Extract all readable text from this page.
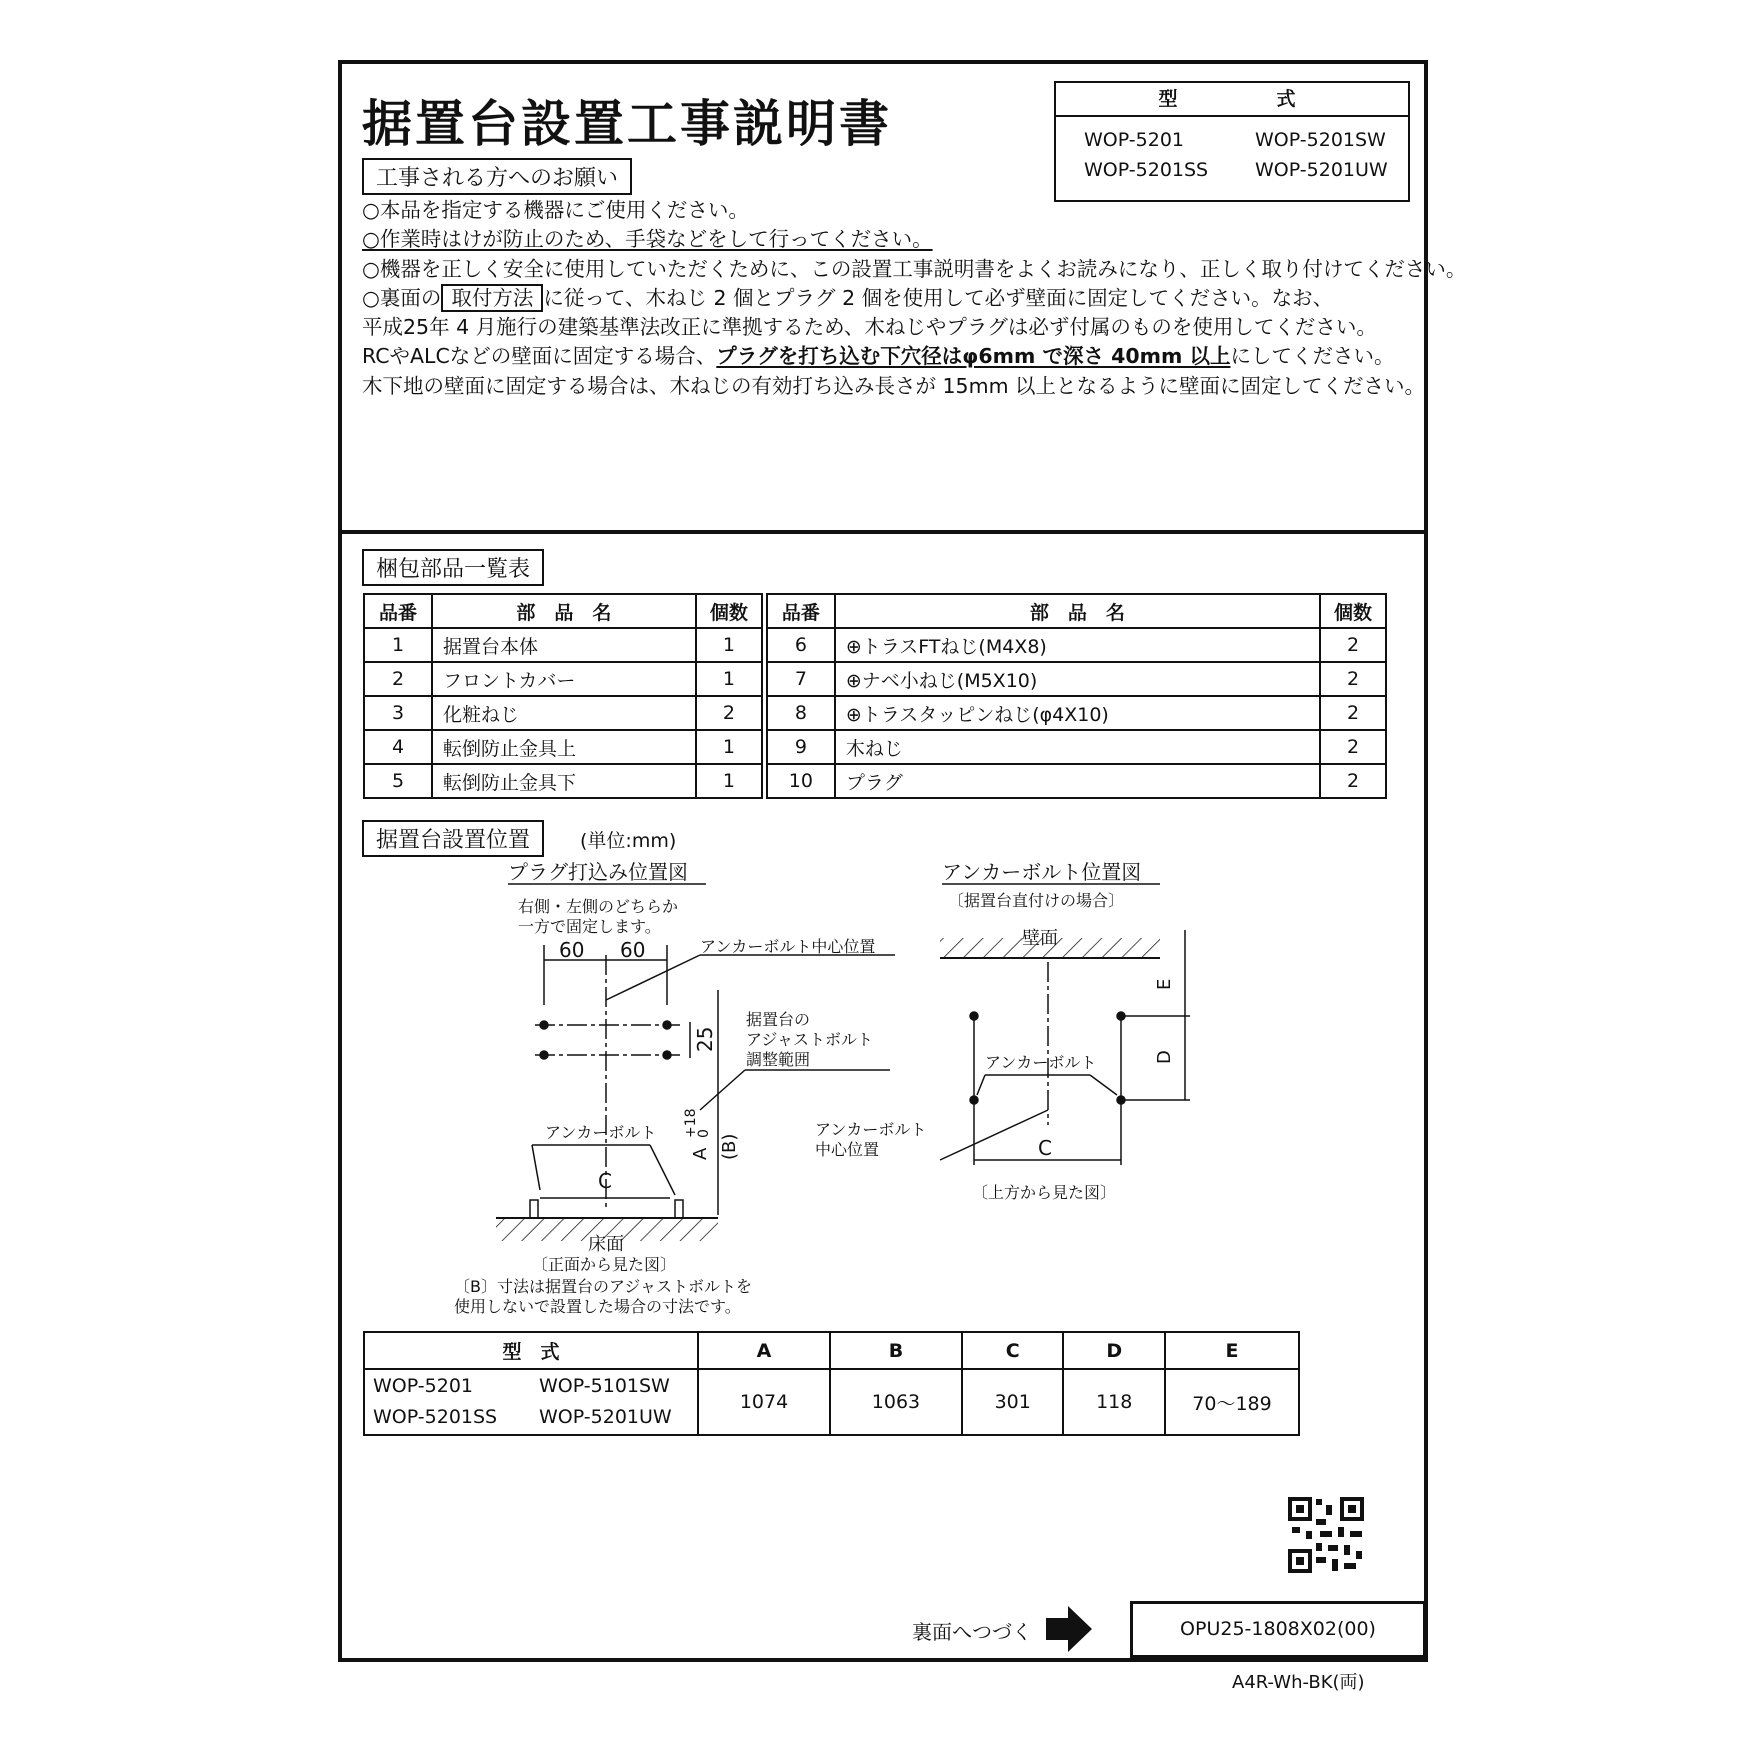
据置台設置工事説明書	型　式
WOP-5201	WOP-5201SW
WOP-5201SS WOP-5201UW
工事される方へのお願い

○本品を指定する機器にご使用ください。

○作業時はけが防止のため、手袋などをして行ってください。

○機器を正しく安全に使用していただくために、この設置工事説明書をよくお読みになり、正しく取り付けてください。

○裏面の 取付方法 に従って、木ねじ 2 個とプラグ 2 個を使用して必ず壁面に固定してください。なお、

平成25年 4 月施行の建築基準法改正に準拠するため、木ねじやプラグは必ず付属のものを使用してください。

RCやALCなどの壁面に固定する場合、プラグを打ち込む下穴径はφ6mm で深さ 40mm 以上にしてください。

木下地の壁面に固定する場合は、木ねじの有効打ち込み長さが 15mm 以上となるように壁面に固定してください。

梱包部品一覧表
品番	部　品　名	個数		品番	部　品　名	個数
1	据置台本体	1		6	⊕トラスFTねじ(M4X8)	2
2	フロントカバー	1		7	⊕ナベ小ねじ(M5X10)	2
3	化粧ねじ	2		8	⊕トラスタッピンねじ(φ4X10)	2
4	転倒防止金具上	1		9	木ねじ	2
5	転倒防止金具下	1		10	プラグ	2
据置台設置位置	(単位:mm)
プラグ打込み位置図
右側・左側のどちらか
一方で固定します。
60 60
25
アンカーボルト中心位置
据置台の
アジャストボルト
調整範囲
A
+18
0
(B)
アンカーボルト
C
床面
〔正面から見た図〕
〔B〕寸法は据置台のアジャストボルトを
使用しないで設置した場合の寸法です。
アンカーボルト位置図
〔据置台直付けの場合〕
E
D
アンカーボルト
アンカーボルト
中心位置	C
〔上方から見た図〕
型　式	A	B	C	D	E

WOP-5201 WOP-5101SW
WOP-5201SS WOP-5201UW	1074	1063	301	118	70〜189
裏面へつづく	OPU25-1808X02(00)
A4R-Wh-BK(両)
